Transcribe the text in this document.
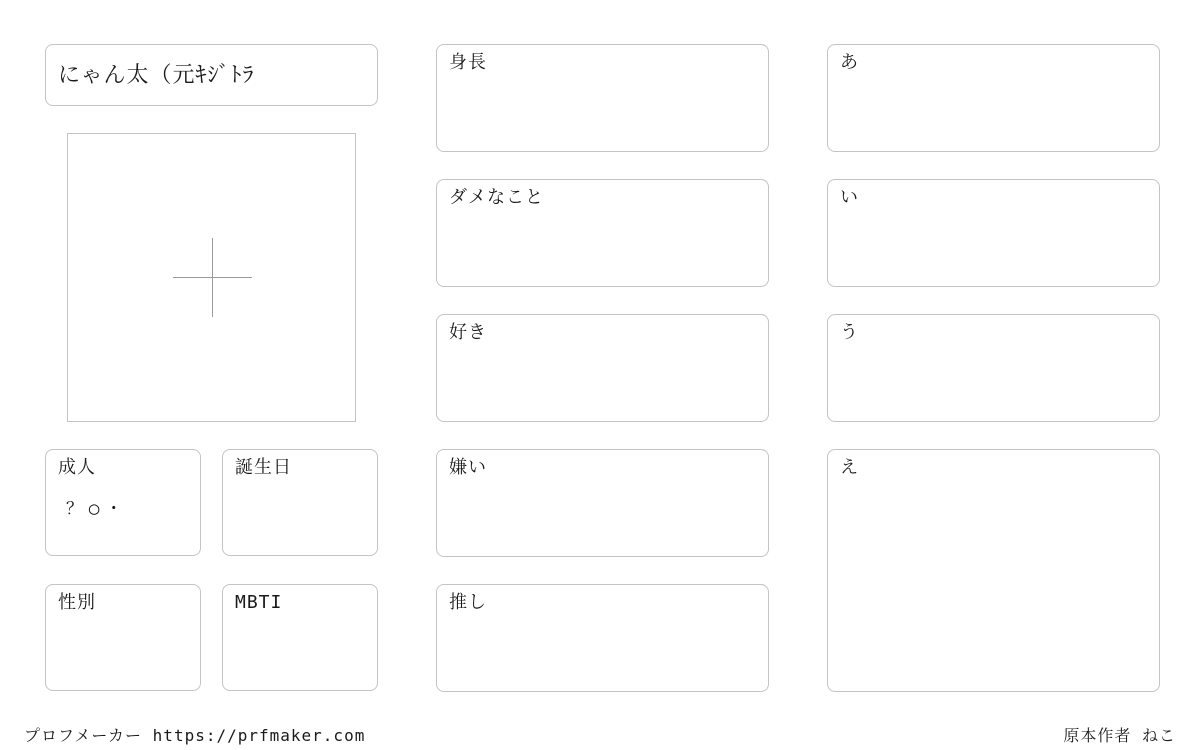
にゃん太（元ｷｼﾞﾄﾗ
成人
？◯・
誕生日
性別	MBTI
身長
ダメなこと
好き
嫌い
推し
あ
い
う
え
プロフメーカー https://prfmaker.com	原本作者 ねこ
